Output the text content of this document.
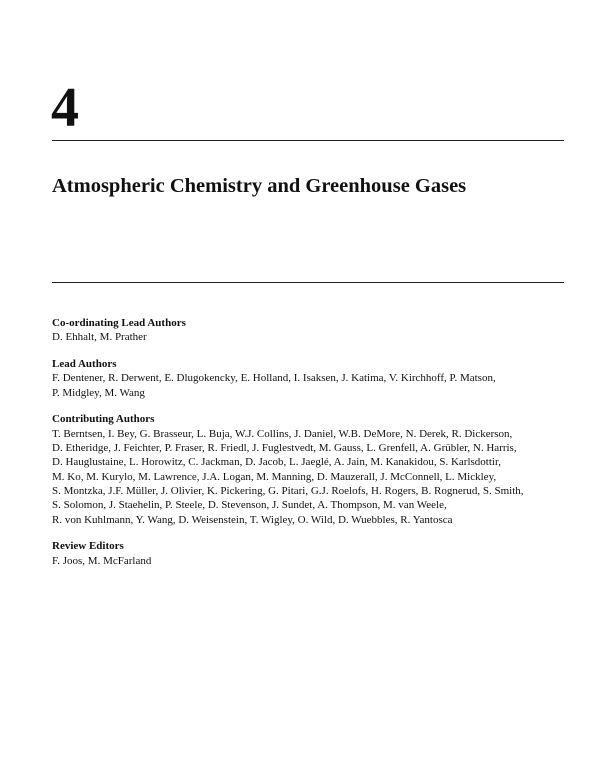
4
Atmospheric Chemistry and Greenhouse Gases
Co-ordinating Lead Authors
D. Ehhalt, M. Prather
Lead Authors
F. Dentener, R. Derwent, E. Dlugokencky, E. Holland, I. Isaksen, J. Katima, V. Kirchhoff, P. Matson,
P. Midgley, M. Wang
Contributing Authors
T. Berntsen, I. Bey, G. Brasseur, L. Buja, W.J. Collins, J. Daniel, W.B. DeMore, N. Derek, R. Dickerson,
D. Etheridge, J. Feichter, P. Fraser, R. Friedl, J. Fuglestvedt, M. Gauss, L. Grenfell, A. Grübler, N. Harris,
D. Hauglustaine, L. Horowitz, C. Jackman, D. Jacob, L. Jaeglé, A. Jain, M. Kanakidou, S. Karlsdottir,
M. Ko, M. Kurylo, M. Lawrence, J.A. Logan, M. Manning, D. Mauzerall, J. McConnell, L. Mickley,
S. Montzka, J.F. Müller, J. Olivier, K. Pickering, G. Pitari, G.J. Roelofs, H. Rogers, B. Rognerud, S. Smith,
S. Solomon, J. Staehelin, P. Steele, D. Stevenson, J. Sundet, A. Thompson, M. van Weele,
R. von Kuhlmann, Y. Wang, D. Weisenstein, T. Wigley, O. Wild, D. Wuebbles, R. Yantosca
Review Editors
F. Joos, M. McFarland
